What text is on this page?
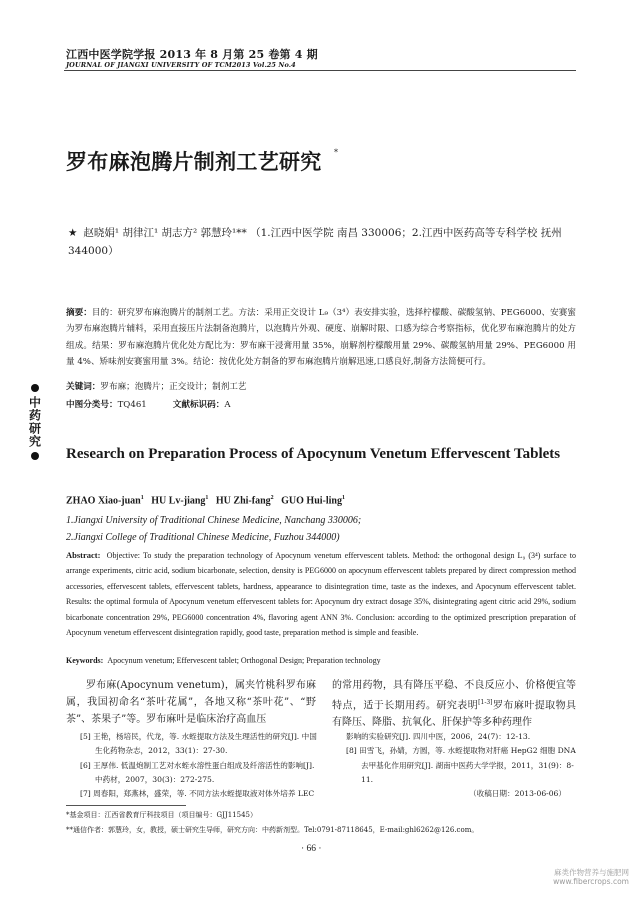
江西中医学院学报 2013 年 8 月第 25 卷第 4 期
JOURNAL OF JIANGXI UNIVERSITY OF TCM2013 Vol.25 No.4
罗布麻泡腾片制剂工艺研究 *
★ 赵晓娟¹ 胡律江¹ 胡志方² 郭慧玲¹** （1.江西中医学院 南昌 330006；2.江西中医药高等专科学校 抚州 344000）
摘要：目的：研究罗布麻泡腾片的制剂工艺。方法：采用正交设计 L₉（3⁴）表安排实验，选择柠檬酸、碳酸氢钠、PEG6000、安赛蜜为罗布麻泡腾片辅料，采用直接压片法制备泡腾片，以泡腾片外观、硬度、崩解时限、口感为综合考察指标，优化罗布麻泡腾片的处方组成。结果：罗布麻泡腾片优化处方配比为：罗布麻干浸膏用量 35%，崩解剂柠檬酸用量 29%、碳酸氢钠用量 29%、PEG6000 用量 4%、矫味剂安赛蜜用量 3%。结论：按优化处方制备的罗布麻泡腾片崩解迅速,口感良好,制备方法简便可行。
关键词：罗布麻；泡腾片；正交设计；制剂工艺
中图分类号：TQ461	文献标识码：A
中药研究
Research on Preparation Process of Apocynum Venetum Effervescent Tablets
ZHAO Xiao-juan$^1$ HU Lv-jiang$^1$ HU Zhi-fang$^2$ GUO Hui-ling$^1$
1.Jiangxi University of Traditional Chinese Medicine, Nanchang 330006;
2.Jiangxi College of Traditional Chinese Medicine, Fuzhou 344000)
Abstract: Objective: To study the preparation technology of Apocynum venetum effervescent tablets. Method: the orthogonal design L₉ (3⁴) surface to arrange experiments, citric acid, sodium bicarbonate, selection, density is PEG6000 on apocynum effervescent tablets prepared by direct compression method accessories, effervescent tablets, effervescent tablets, hardness, appearance to disintegration time, taste as the indexes, and Apocynum effervescent tablet. Results: the optimal formula of Apocynum venetum effervescent tablets for: Apocynum dry extract dosage 35%, disintegrating agent citric acid 29%, sodium bicarbonate concentration 29%, PEG6000 concentration 4%, flavoring agent ANN 3%. Conclusion: according to the optimized prescription preparation of Apocynum venetum effervescent disintegration rapidly, good taste, preparation method is simple and feasible.
Keywords: Apocynum venetum; Effervescent tablet; Orthogonal Design; Preparation technology
罗布麻(Apocynum venetum)，属夹竹桃科罗布麻属，我国初命名“茶叶花属”，各地又称“茶叶花”、“野茶”、茶果子”等。罗布麻叶是临床治疗高血压
的常用药物，具有降压平稳、不良反应小、价格便宜等特点，适于长期用药。研究表明[1-3]罗布麻叶提取物具有降压、降脂、抗氧化、肝保护等多种药理作
[5] 王艳，杨培民，代龙，等. 水蛭提取方法及生理活性的研究[J]. 中国生化药物杂志，2012，33(1)：27-30.
[6] 王厚伟. 低温炮制工艺对水蛭水溶性蛋白组成及纤溶活性的影响[J]. 中药材，2007，30(3)：272-275.
[7] 周春阳，郑燕林，盛荣，等. 不同方法水蛭提取液对体外培养 LEC
影响的实验研究[J]. 四川中医，2006，24(7)：12-13.
[8] 田雪飞，孙婧，方圆，等. 水蛭提取物对肝癌 HepG2 细胞 DNA 去甲基化作用研究[J]. 湖南中医药大学学报，2011，31(9)：8-11.
（收稿日期：2013-06-06）
*基金项目：江西省教育厅科技项目（项目编号：GJJ11545）
**通信作者：郭慧玲，女，教授，硕士研究生导师，研究方向：中药新剂型。Tel:0791-87118645，E-mail:ghl6262@126.com。
· 66 ·
麻类作物营养与施肥网
www.fibercrops.com
